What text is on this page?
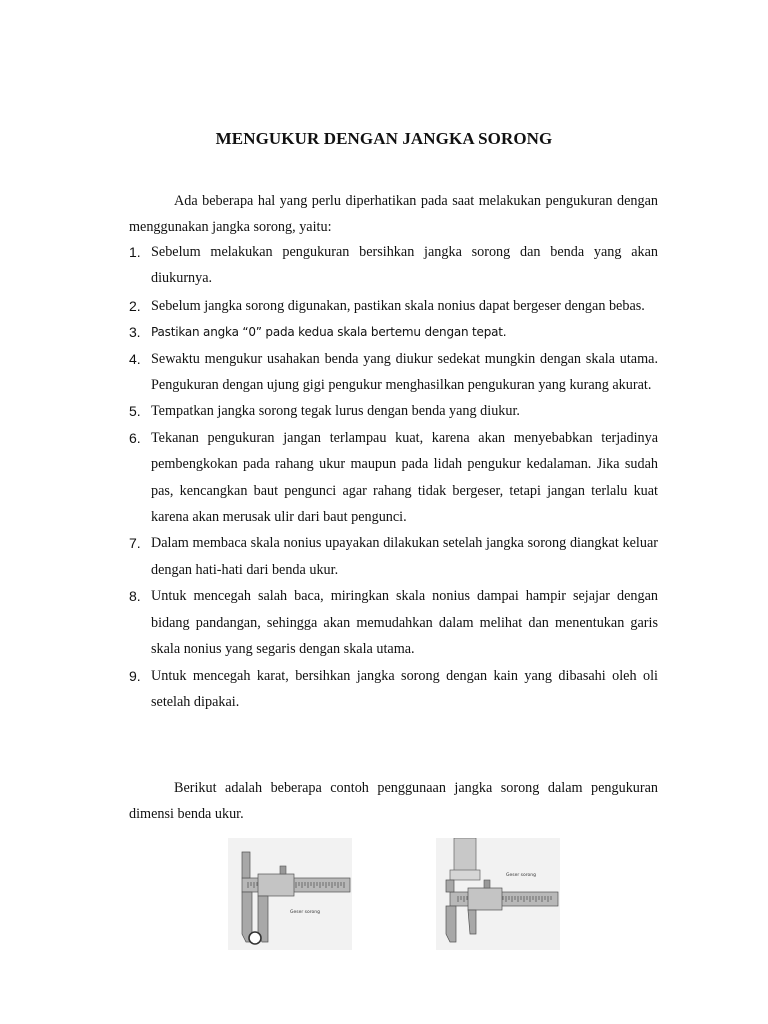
MENGUKUR DENGAN JANGKA SORONG

Ada beberapa hal yang perlu diperhatikan pada saat melakukan pengukuran dengan menggunakan jangka sorong, yaitu:

1. Sebelum melakukan pengukuran bersihkan jangka sorong dan benda yang akan diukurnya.
2. Sebelum jangka sorong digunakan, pastikan skala nonius dapat bergeser dengan bebas.
3. Pastikan angka “0” pada kedua skala bertemu dengan tepat.
4. Sewaktu mengukur usahakan benda yang diukur sedekat mungkin dengan skala utama. Pengukuran dengan ujung gigi pengukur menghasilkan pengukuran yang kurang akurat.
5. Tempatkan jangka sorong tegak lurus dengan benda yang diukur.
6. Tekanan pengukuran jangan terlampau kuat, karena akan menyebabkan terjadinya pembengkokan pada rahang ukur maupun pada lidah pengukur kedalaman. Jika sudah pas, kencangkan baut pengunci agar rahang tidak bergeser, tetapi jangan terlalu kuat karena akan merusak ulir dari baut pengunci.
7. Dalam membaca skala nonius upayakan dilakukan setelah jangka sorong diangkat keluar dengan hati-hati dari benda ukur.
8. Untuk mencegah salah baca, miringkan skala nonius dampai hampir sejajar dengan bidang pandangan, sehingga akan memudahkan dalam melihat dan menentukan garis skala nonius yang segaris dengan skala utama.
9. Untuk mencegah karat, bersihkan jangka sorong dengan kain yang dibasahi oleh oli setelah dipakai.

Berikut adalah beberapa contoh penggunaan jangka sorong dalam pengukuran dimensi benda ukur.

Geser sorong
Geser sorong
